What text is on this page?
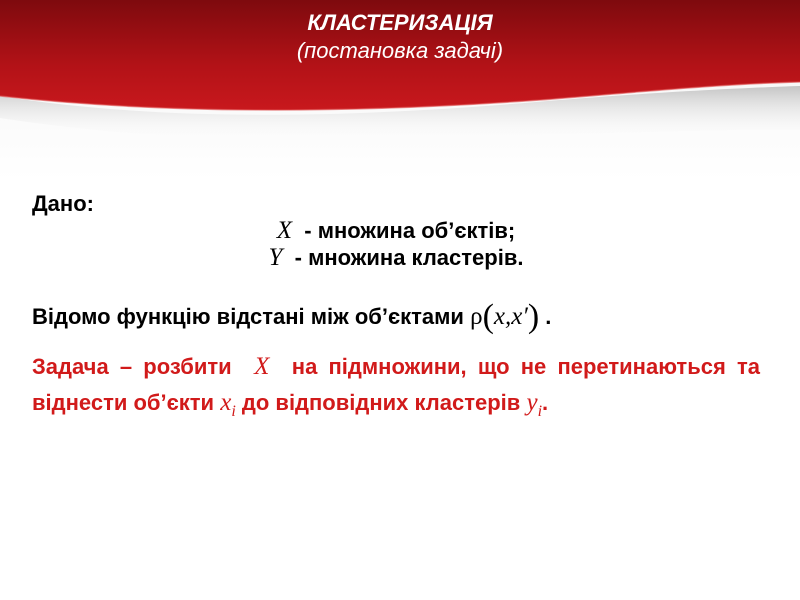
КЛАСТЕРИЗАЦІЯ
(постановка задачі)
Дано:
X - множина об’єктів;
Y - множина кластерів.
Відомо функцію відстані між об’єктами ρ(x,x′) .
Задача – розбити X на підмножини, що не перетинаються та віднести об’єкти $x_i$ до відповідних кластерів $y_i$.
